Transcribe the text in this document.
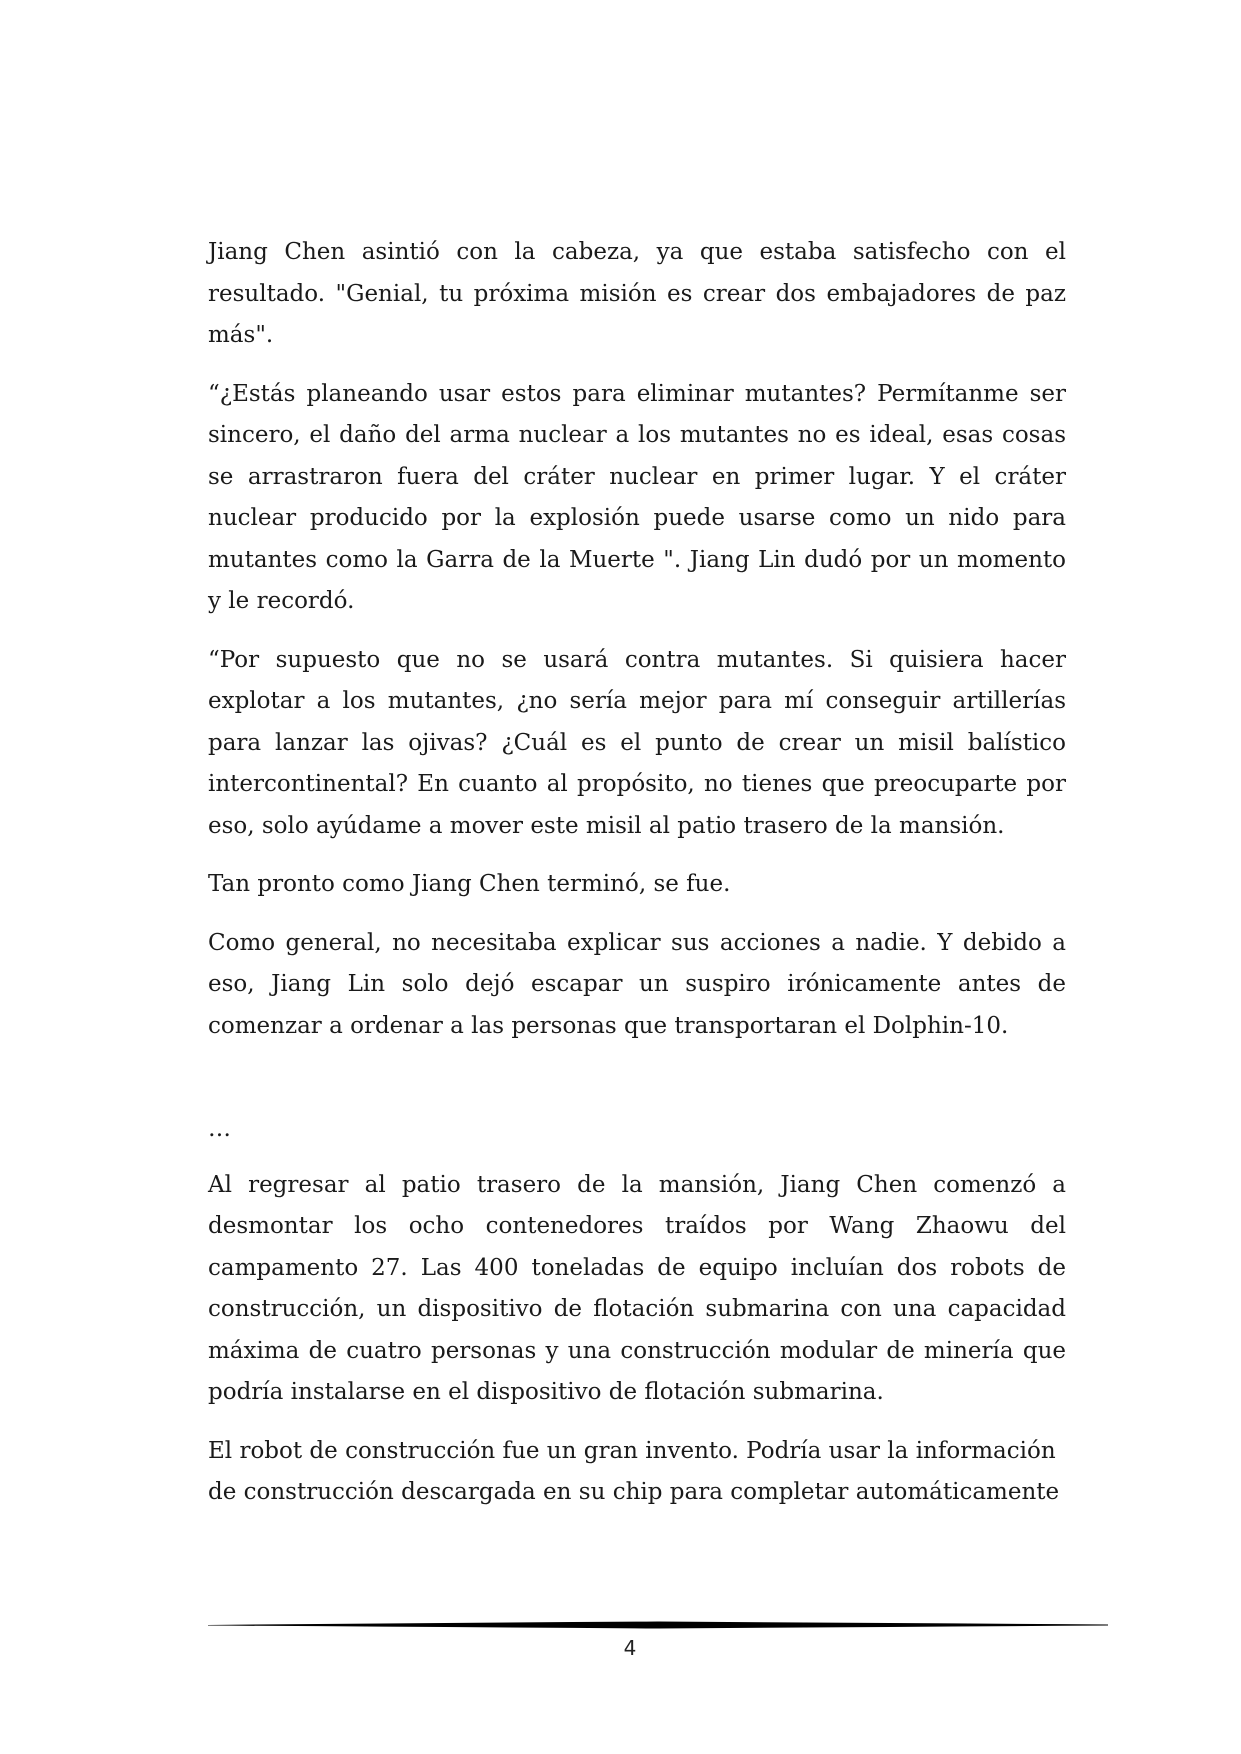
Jiang Chen asintió con la cabeza, ya que estaba satisfecho con el resultado. "Genial, tu próxima misión es crear dos embajadores de paz más".

“¿Estás planeando usar estos para eliminar mutantes? Permítanme ser sincero, el daño del arma nuclear a los mutantes no es ideal, esas cosas se arrastraron fuera del cráter nuclear en primer lugar. Y el cráter nuclear producido por la explosión puede usarse como un nido para mutantes como la Garra de la Muerte ". Jiang Lin dudó por un momento y le recordó.

“Por supuesto que no se usará contra mutantes. Si quisiera hacer explotar a los mutantes, ¿no sería mejor para mí conseguir artillerías para lanzar las ojivas? ¿Cuál es el punto de crear un misil balístico intercontinental? En cuanto al propósito, no tienes que preocuparte por eso, solo ayúdame a mover este misil al patio trasero de la mansión.

Tan pronto como Jiang Chen terminó, se fue.

Como general, no necesitaba explicar sus acciones a nadie. Y debido a eso, Jiang Lin solo dejó escapar un suspiro irónicamente antes de comenzar a ordenar a las personas que transportaran el Dolphin-10.

…

Al regresar al patio trasero de la mansión, Jiang Chen comenzó a desmontar los ocho contenedores traídos por Wang Zhaowu del campamento 27. Las 400 toneladas de equipo incluían dos robots de construcción, un dispositivo de flotación submarina con una capacidad máxima de cuatro personas y una construcción modular de minería que podría instalarse en el dispositivo de flotación submarina.

El robot de construcción fue un gran invento. Podría usar la información de construcción descargada en su chip para completar automáticamente

4
